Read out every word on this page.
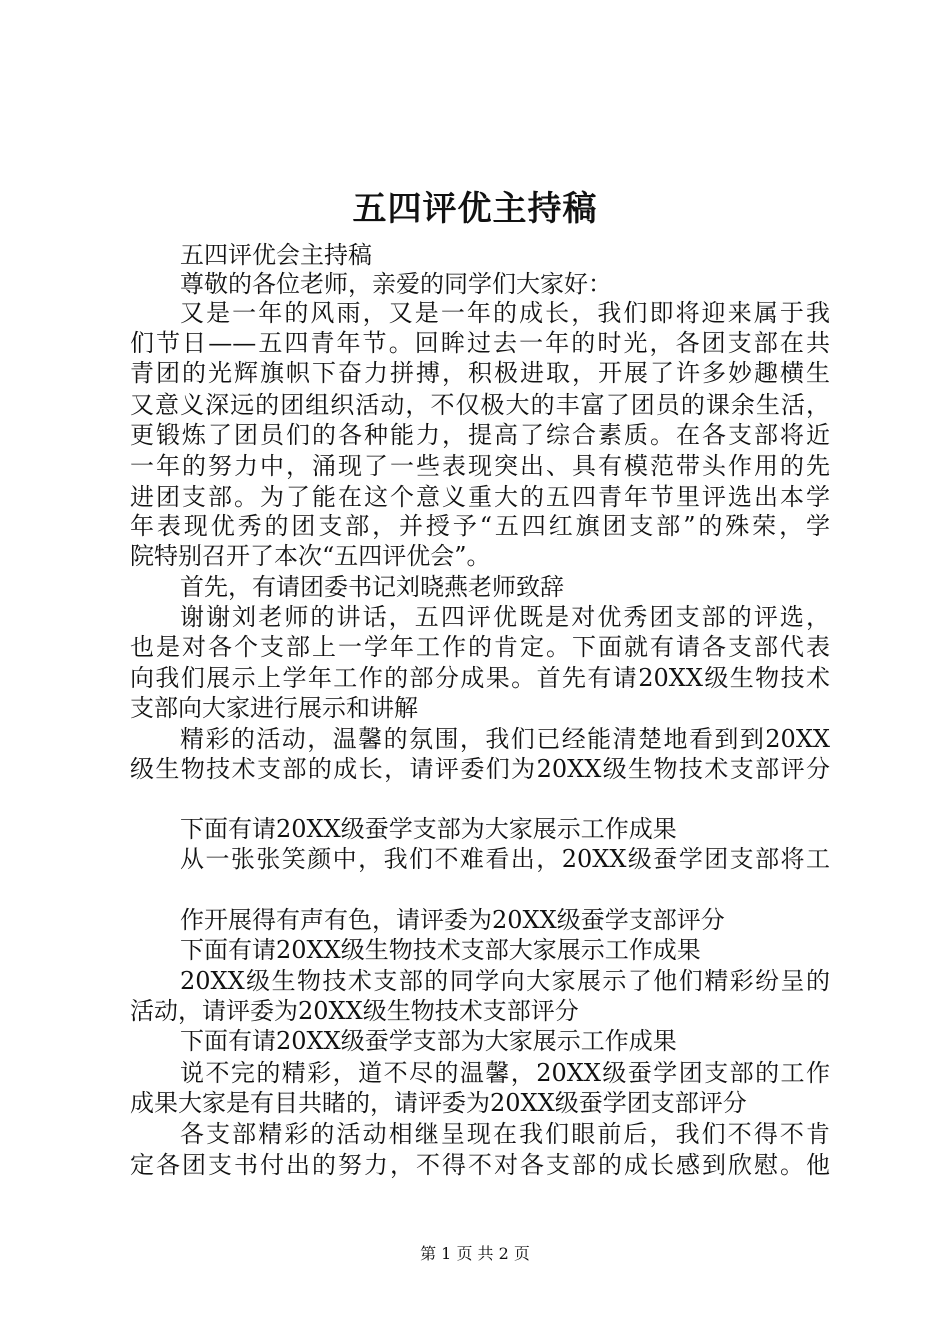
五四评优主持稿
五四评优会主持稿
尊敬的各位老师，亲爱的同学们大家好：
又是一年的风雨，又是一年的成长，我们即将迎来属于我
们节日——五四青年节。回眸过去一年的时光，各团支部在共
青团的光辉旗帜下奋力拼搏，积极进取，开展了许多妙趣横生
又意义深远的团组织活动，不仅极大的丰富了团员的课余生活，
更锻炼了团员们的各种能力，提高了综合素质。在各支部将近
一年的努力中，涌现了一些表现突出、具有模范带头作用的先
进团支部。为了能在这个意义重大的五四青年节里评选出本学
年表现优秀的团支部，并授予“五四红旗团支部”的殊荣，学
院特别召开了本次“五四评优会”。
首先，有请团委书记刘晓燕老师致辞
谢谢刘老师的讲话，五四评优既是对优秀团支部的评选，
也是对各个支部上一学年工作的肯定。下面就有请各支部代表
向我们展示上学年工作的部分成果。首先有请20XX级生物技术
支部向大家进行展示和讲解
精彩的活动，温馨的氛围，我们已经能清楚地看到到20XX
级生物技术支部的成长，请评委们为20XX级生物技术支部评分
下面有请20XX级蚕学支部为大家展示工作成果
从一张张笑颜中，我们不难看出，20XX级蚕学团支部将工
作开展得有声有色，请评委为20XX级蚕学支部评分
下面有请20XX级生物技术支部大家展示工作成果
20XX级生物技术支部的同学向大家展示了他们精彩纷呈的
活动，请评委为20XX级生物技术支部评分
下面有请20XX级蚕学支部为大家展示工作成果
说不完的精彩，道不尽的温馨，20XX级蚕学团支部的工作
成果大家是有目共睹的，请评委为20XX级蚕学团支部评分
各支部精彩的活动相继呈现在我们眼前后，我们不得不肯
定各团支书付出的努力，不得不对各支部的成长感到欣慰。他
第 1 页 共 2 页
